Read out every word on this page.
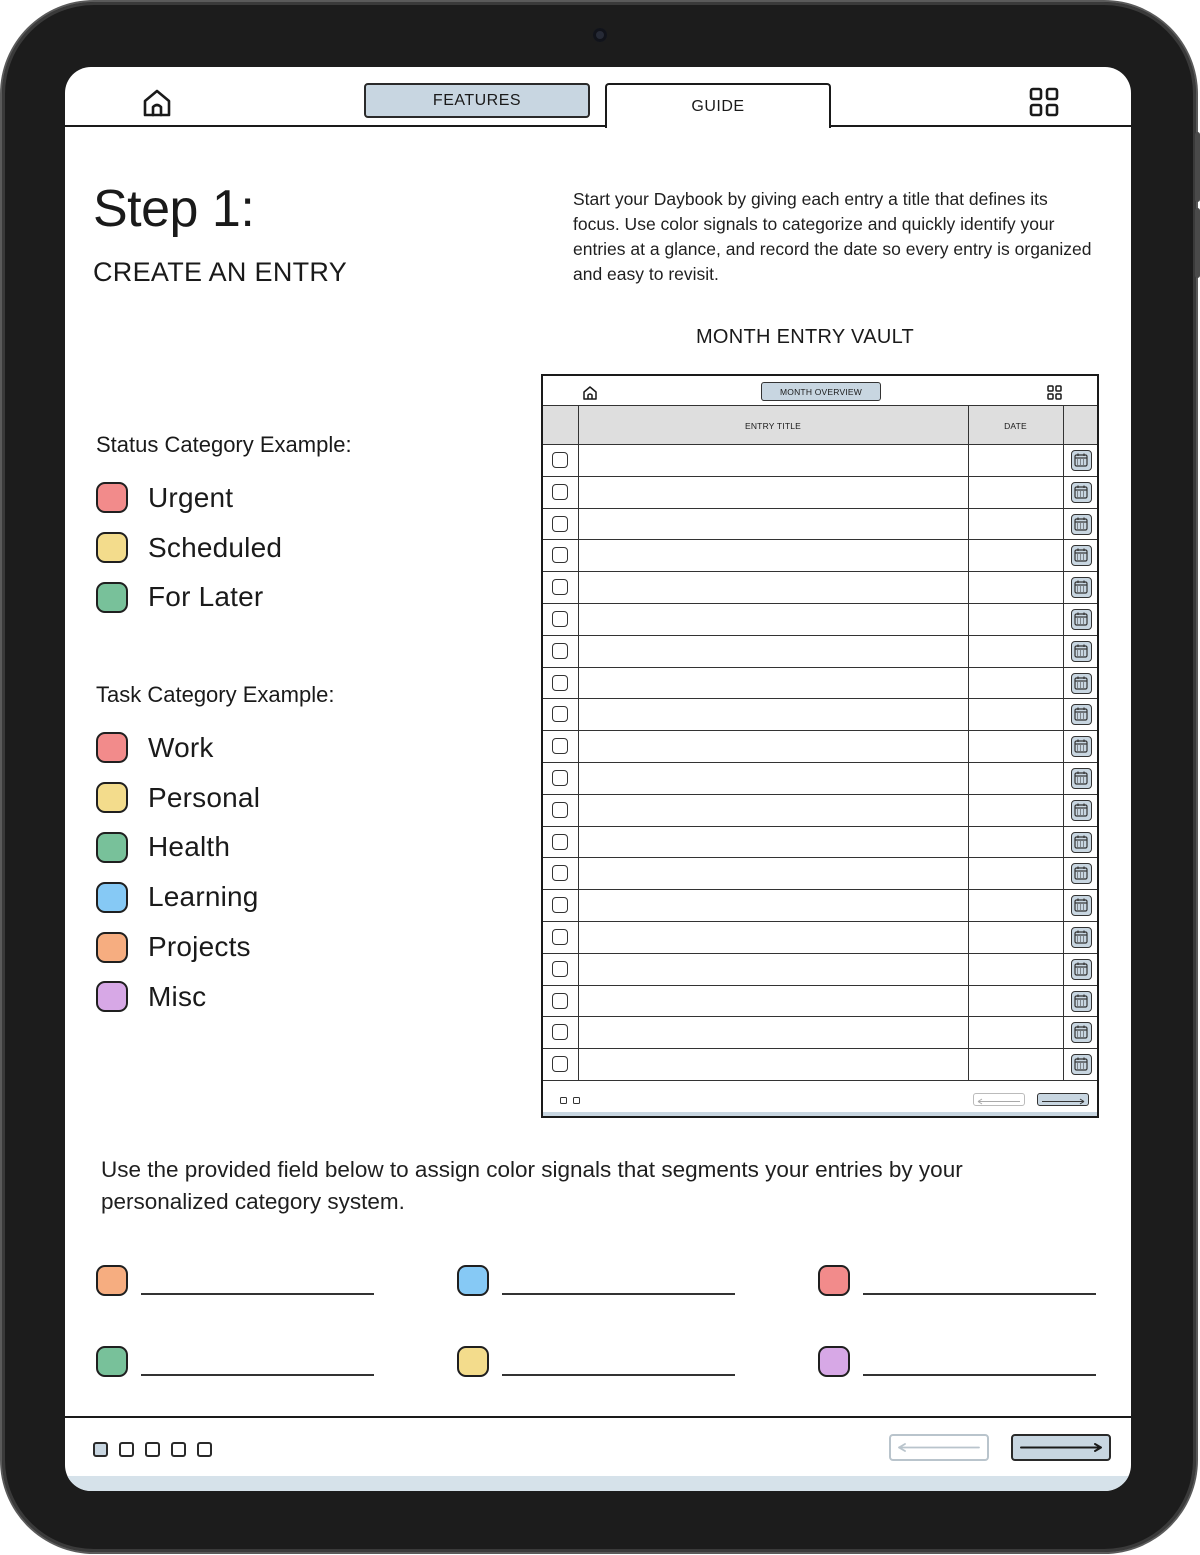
FEATURES	GUIDE
Step 1:
CREATE AN ENTRY
Start your Daybook by giving each entry a title that defines its focus. Use color signals to categorize and quickly identify your entries at a glance, and record the date so every entry is organized and easy to revisit.
MONTH ENTRY VAULT
Status Category Example:
Urgent
Scheduled
For Later
Task Category Example:
Work
Personal
Health
Learning
Projects
Misc
MONTH OVERVIEW
ENTRY TITLE	DATE
Use the provided field below to assign color signals that segments your entries by your personalized category system.
